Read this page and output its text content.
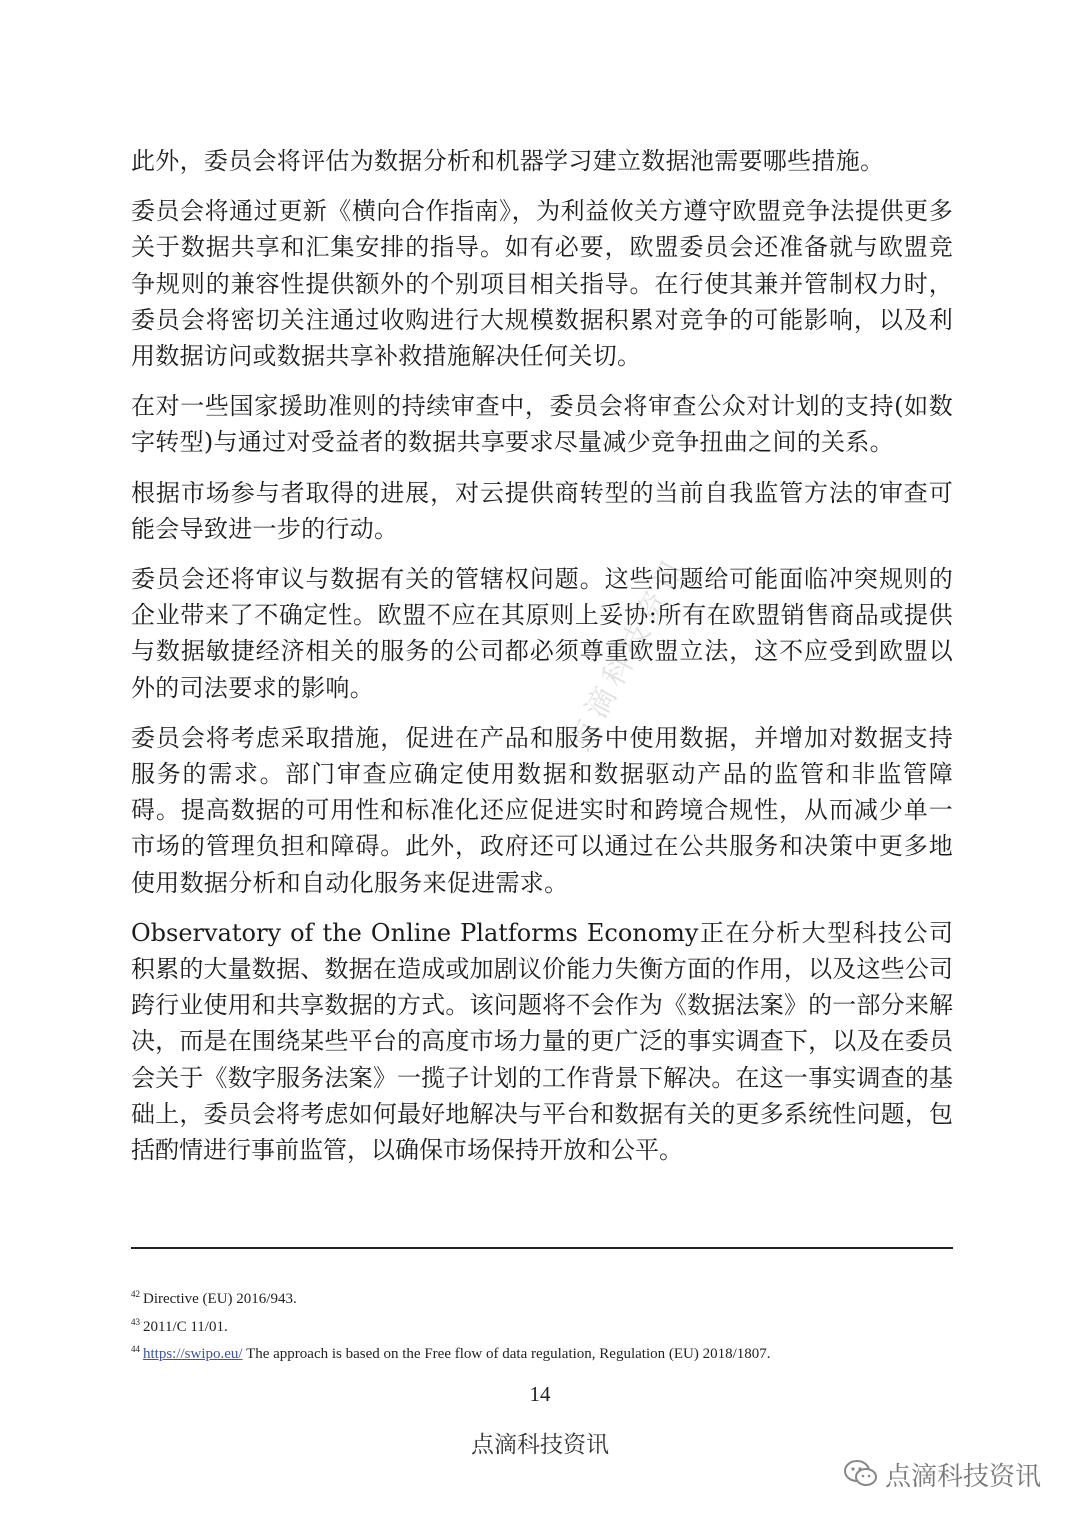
此外，委员会将评估为数据分析和机器学习建立数据池需要哪些措施。

委员会将通过更新《横向合作指南》，为利益攸关方遵守欧盟竞争法提供更多关于数据共享和汇集安排的指导。如有必要，欧盟委员会还准备就与欧盟竞争规则的兼容性提供额外的个别项目相关指导。在行使其兼并管制权力时，委员会将密切关注通过收购进行大规模数据积累对竞争的可能影响，以及利用数据访问或数据共享补救措施解决任何关切。

在对一些国家援助准则的持续审查中，委员会将审查公众对计划的支持(如数字转型)与通过对受益者的数据共享要求尽量减少竞争扭曲之间的关系。

根据市场参与者取得的进展，对云提供商转型的当前自我监管方法的审查可能会导致进一步的行动。

委员会还将审议与数据有关的管辖权问题。这些问题给可能面临冲突规则的企业带来了不确定性。欧盟不应在其原则上妥协:所有在欧盟销售商品或提供与数据敏捷经济相关的服务的公司都必须尊重欧盟立法，这不应受到欧盟以外的司法要求的影响。

委员会将考虑采取措施，促进在产品和服务中使用数据，并增加对数据支持服务的需求。部门审查应确定使用数据和数据驱动产品的监管和非监管障碍。提高数据的可用性和标准化还应促进实时和跨境合规性，从而减少单一市场的管理负担和障碍。此外，政府还可以通过在公共服务和决策中更多地使用数据分析和自动化服务来促进需求。

Observatory of the Online Platforms Economy正在分析大型科技公司积累的大量数据、数据在造成或加剧议价能力失衡方面的作用，以及这些公司跨行业使用和共享数据的方式。该问题将不会作为《数据法案》的一部分来解决，而是在围绕某些平台的高度市场力量的更广泛的事实调查下，以及在委员会关于《数字服务法案》一揽子计划的工作背景下解决。在这一事实调查的基础上，委员会将考虑如何最好地解决与平台和数据有关的更多系统性问题，包括酌情进行事前监管，以确保市场保持开放和公平。

点滴科技资讯
$^{42}$ Directive (EU) 2016/943.
$^{43}$ 2011/C 11/01.
$^{44}$ https://swipo.eu/ The approach is based on the Free flow of data regulation, Regulation (EU) 2018/1807.
14
点滴科技资讯
点滴科技资讯
